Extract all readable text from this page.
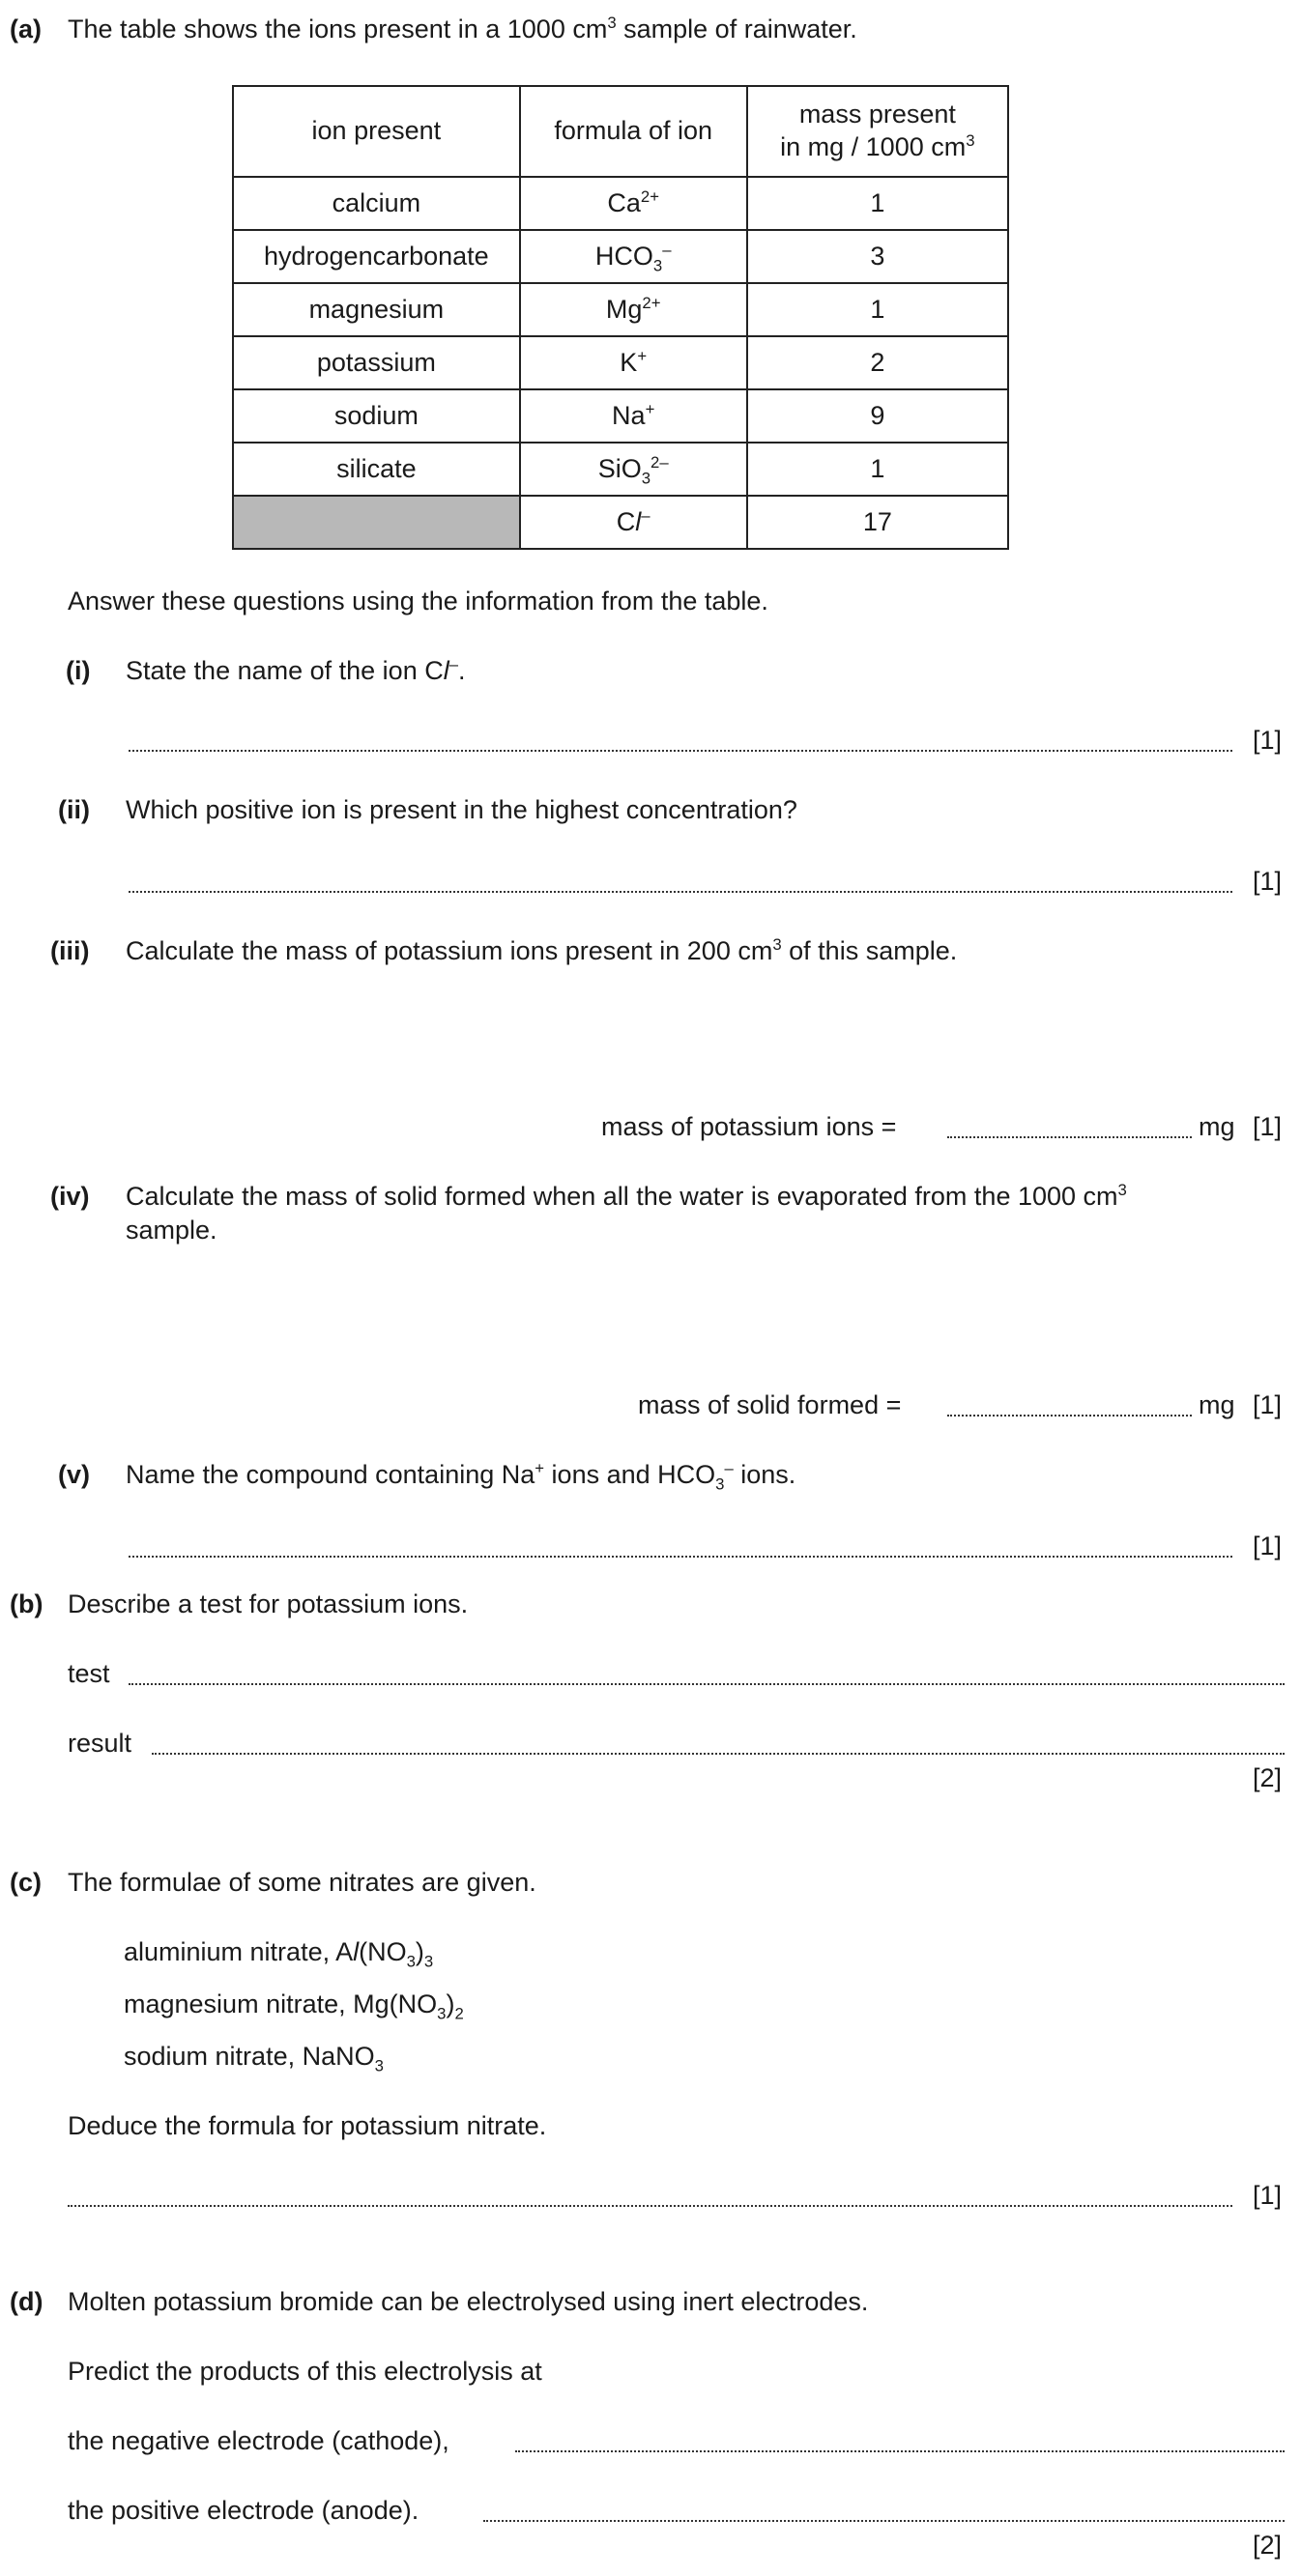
(a) The table shows the ions present in a 1000 $cm^3$ sample of rainwater.
ion present	formula of ion	mass present
in mg / 1000 $cm^3$
calcium	$Ca^{2+}$	1
hydrogencarbonate	$HCO_3^-$	3
magnesium	$Mg^{2+}$	1
potassium	K+	2
sodium	Na+	9
silicate	SiO$_3^{2-}$	1
	Cl–	17
Answer these questions using the information from the table.
(i) State the name of the ion Cl–.
[1]
(ii) Which positive ion is present in the highest concentration?
[1]
(iii) Calculate the mass of potassium ions present in 200 $cm^3$ of this sample.
mass of potassium ions =	mg [1]
(iv) Calculate the mass of solid formed when all the water is evaporated from the 1000 $cm^3$
sample.
mass of solid formed =	mg [1]
(v) Name the compound containing Na+ ions and $HCO_3^-$ ions.
[1]
(b) Describe a test for potassium ions.
test
result
[2]
(c) The formulae of some nitrates are given.
aluminium nitrate, $Al(NO_3)_3$
magnesium nitrate, $Mg(NO_3)_2$
sodium nitrate, NaNO$_3$
Deduce the formula for potassium nitrate.
[1]
(d) Molten potassium bromide can be electrolysed using inert electrodes.
Predict the products of this electrolysis at
the negative electrode (cathode),
the positive electrode (anode).
[2]
